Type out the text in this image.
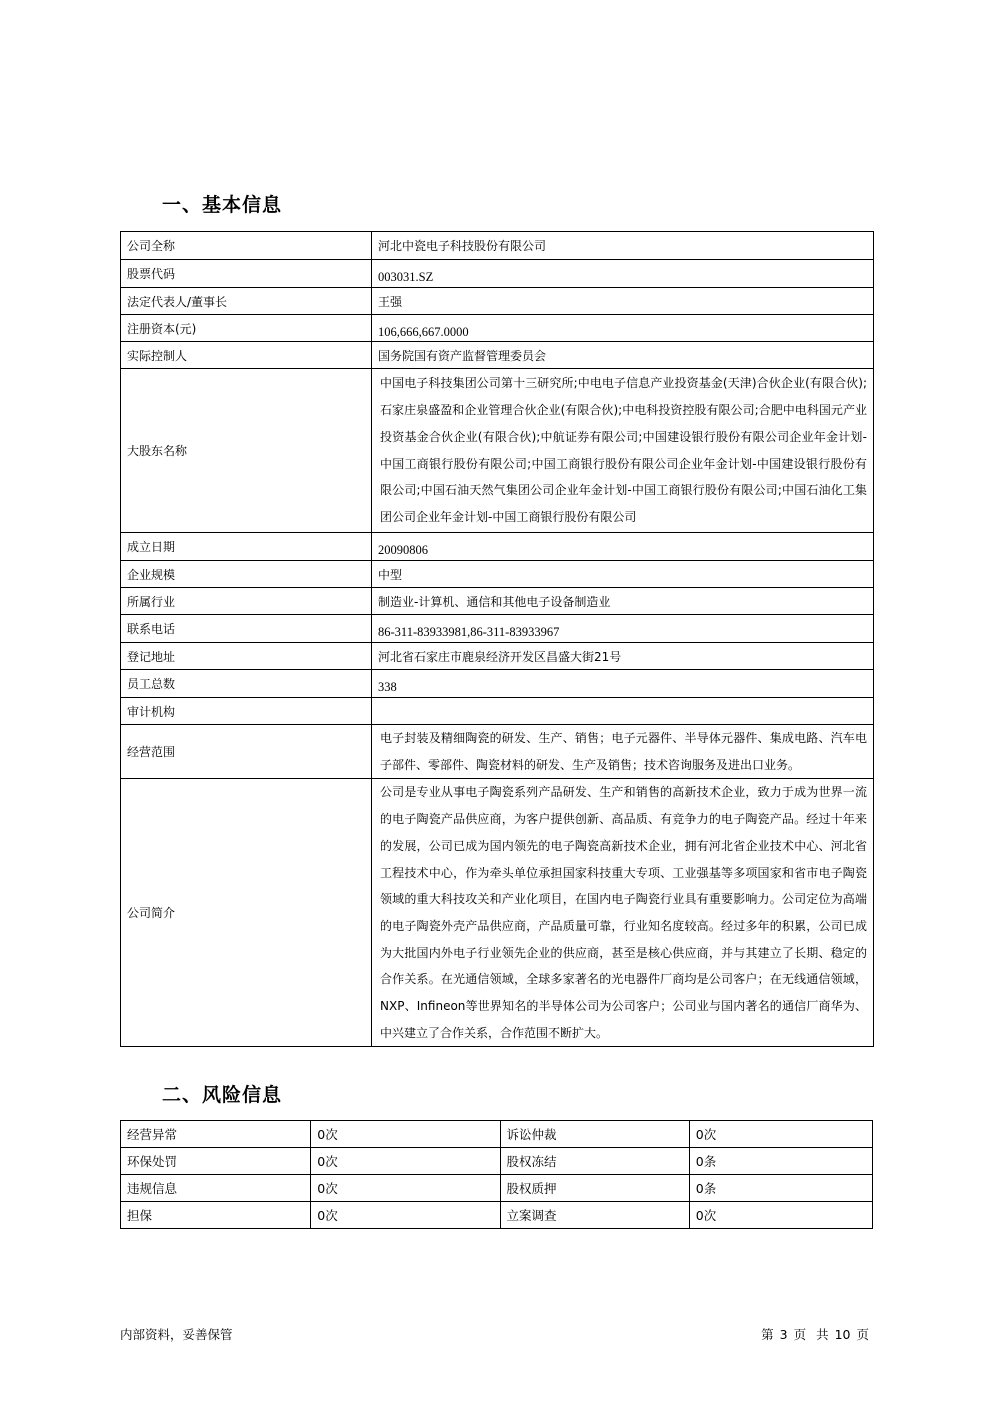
一、基本信息
公司全称	河北中瓷电子科技股份有限公司
股票代码	003031.SZ
法定代表人/董事长	王强
注册资本(元)	106,666,667.0000
实际控制人	国务院国有资产监督管理委员会
大股东名称	中国电子科技集团公司第十三研究所;中电电子信息产业投资基金(天津)合伙企业(有限合伙);石家庄泉盛盈和企业管理合伙企业(有限合伙);中电科投资控股有限公司;合肥中电科国元产业投资基金合伙企业(有限合伙);中航证券有限公司;中国建设银行股份有限公司企业年金计划-中国工商银行股份有限公司;中国工商银行股份有限公司企业年金计划-中国建设银行股份有限公司;中国石油天然气集团公司企业年金计划-中国工商银行股份有限公司;中国石油化工集团公司企业年金计划-中国工商银行股份有限公司

成立日期	20090806
企业规模	中型
所属行业	制造业-计算机、通信和其他电子设备制造业
联系电话	86-311-83933981,86-311-83933967
登记地址	河北省石家庄市鹿泉经济开发区昌盛大街21号
员工总数	338
审计机构	
经营范围	电子封装及精细陶瓷的研发、生产、销售；电子元器件、半导体元器件、集成电路、汽车电子部件、零部件、陶瓷材料的研发、生产及销售；技术咨询服务及进出口业务。

公司简介	公司是专业从事电子陶瓷系列产品研发、生产和销售的高新技术企业，致力于成为世界一流的电子陶瓷产品供应商，为客户提供创新、高品质、有竞争力的电子陶瓷产品。经过十年来的发展，公司已成为国内领先的电子陶瓷高新技术企业，拥有河北省企业技术中心、河北省工程技术中心，作为牵头单位承担国家科技重大专项、工业强基等多项国家和省市电子陶瓷领域的重大科技攻关和产业化项目，在国内电子陶瓷行业具有重要影响力。公司定位为高端的电子陶瓷外壳产品供应商，产品质量可靠，行业知名度较高。经过多年的积累，公司已成为大批国内外电子行业领先企业的供应商，甚至是核心供应商，并与其建立了长期、稳定的合作关系。在光通信领域，全球多家著名的光电器件厂商均是公司客户；在无线通信领域，NXP、Infineon等世界知名的半导体公司为公司客户；公司业与国内著名的通信厂商华为、中兴建立了合作关系，合作范围不断扩大。
二、风险信息
经营异常	0次	诉讼仲裁	0次
环保处罚	0次	股权冻结	0条
违规信息	0次	股权质押	0条
担保	0次	立案调查	0次
内部资料，妥善保管	第 3 页 共 10 页
